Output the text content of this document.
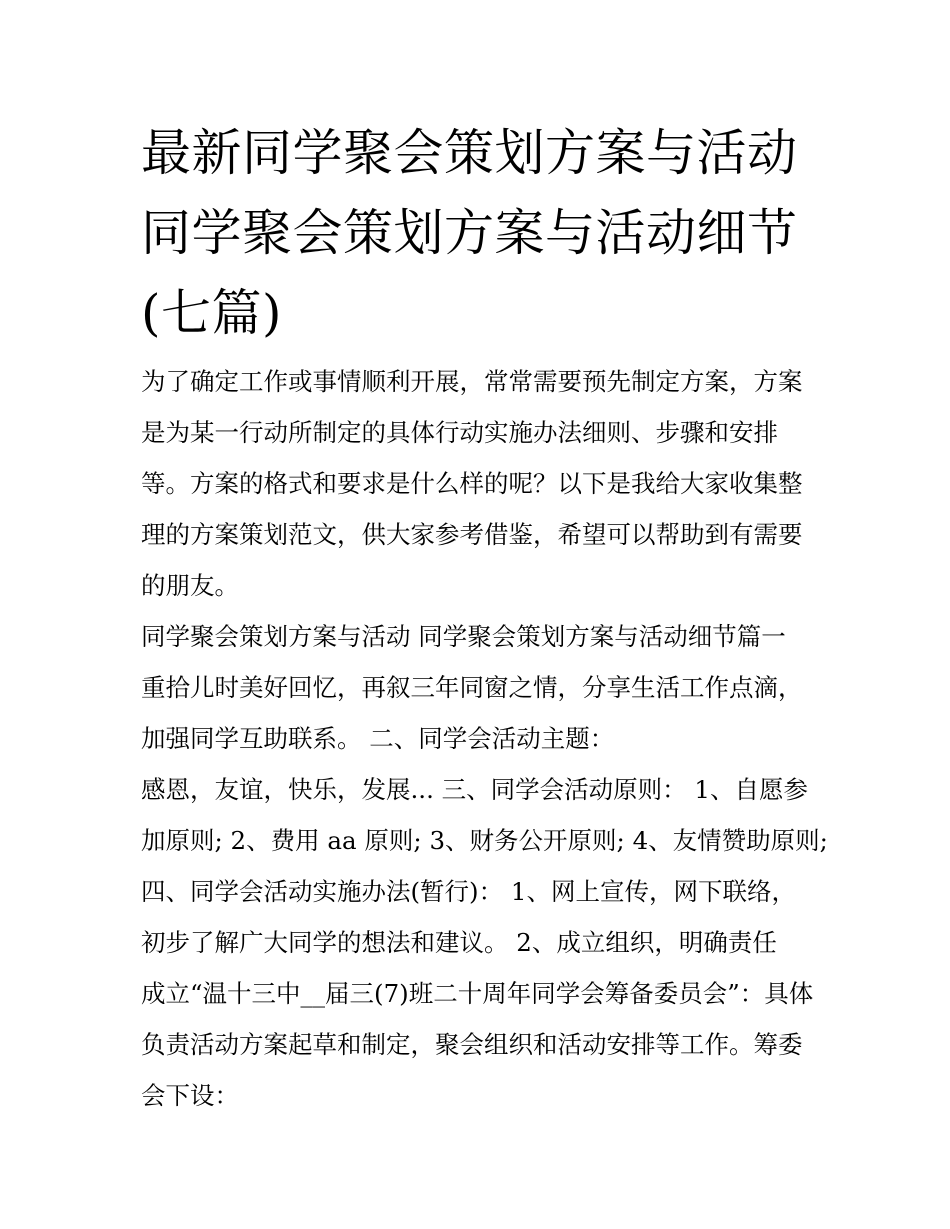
最新同学聚会策划方案与活动
同学聚会策划方案与活动细节
(七篇)
为了确定工作或事情顺利开展，常常需要预先制定方案，方案
是为某一行动所制定的具体行动实施办法细则、步骤和安排
等。方案的格式和要求是什么样的呢？以下是我给大家收集整
理的方案策划范文，供大家参考借鉴，希望可以帮助到有需要
的朋友。
同学聚会策划方案与活动 同学聚会策划方案与活动细节篇一
重拾儿时美好回忆，再叙三年同窗之情，分享生活工作点滴，
加强同学互助联系。 二、同学会活动主题：
感恩，友谊，快乐，发展... 三、同学会活动原则： 1、自愿参
加原则; 2、费用 aa 原则; 3、财务公开原则; 4、友情赞助原则;
四、同学会活动实施办法(暂行)： 1、网上宣传，网下联络，
初步了解广大同学的想法和建议。 2、成立组织，明确责任
成立“温十三中__届三(7)班二十周年同学会筹备委员会”：具体
负责活动方案起草和制定，聚会组织和活动安排等工作。筹委
会下设：
